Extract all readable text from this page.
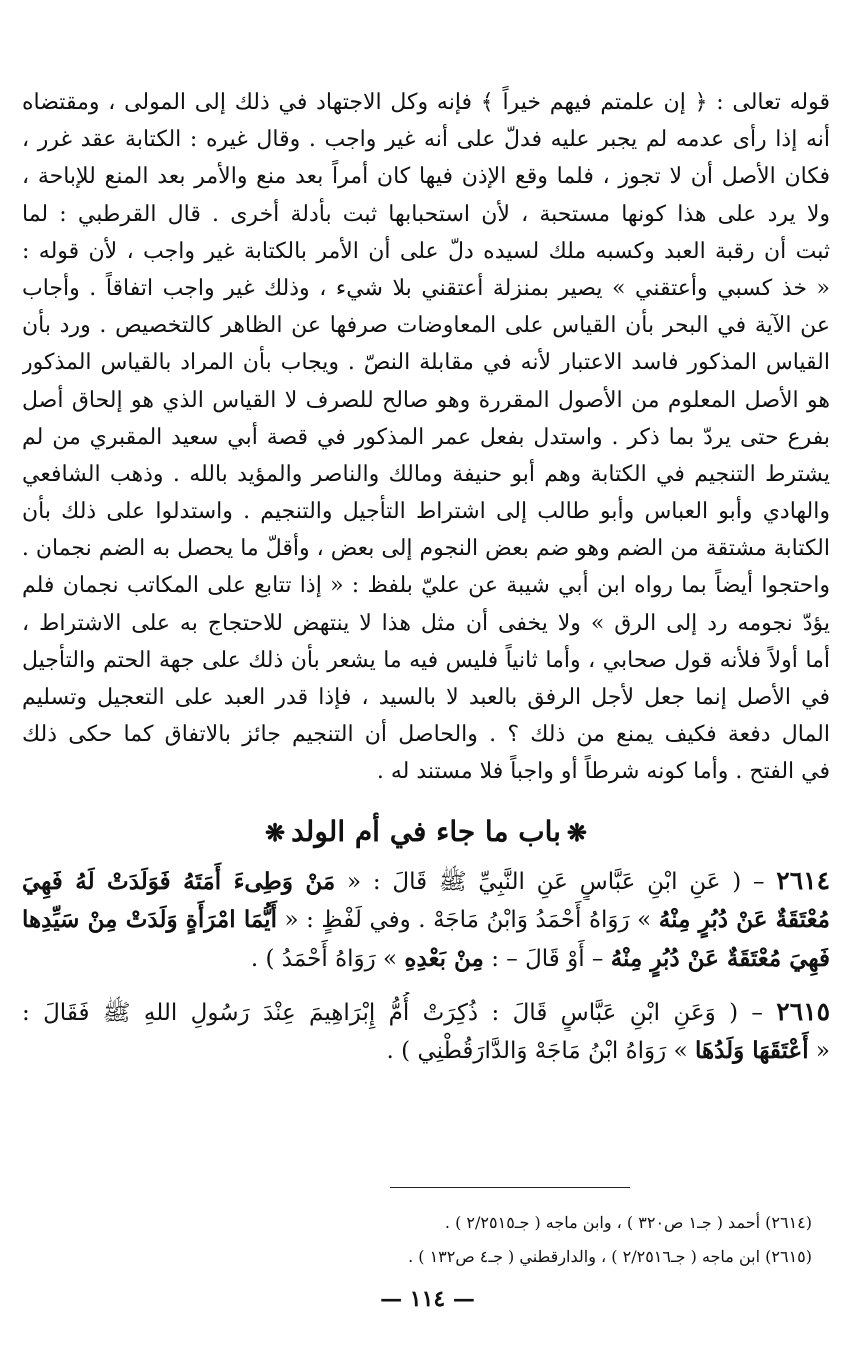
قوله تعالى : ﴿ إن علمتم فيهم خيراً ﴾ فإنه وكل الاجتهاد في ذلك إلى المولى ، ومقتضاه
أنه إذا رأى عدمه لم يجبر عليه فدلّ على أنه غير واجب . وقال غيره : الكتابة عقد غرر ،
فكان الأصل أن لا تجوز ، فلما وقع الإذن فيها كان أمراً بعد منع والأمر بعد المنع للإباحة ،
ولا يرد على هذا كونها مستحبة ، لأن استحبابها ثبت بأدلة أخرى . قال القرطبي : لما
ثبت أن رقبة العبد وكسبه ملك لسيده دلّ على أن الأمر بالكتابة غير واجب ، لأن قوله :
« خذ كسبي وأعتقني » يصير بمنزلة أعتقني بلا شيء ، وذلك غير واجب اتفاقاً . وأجاب
عن الآية في البحر بأن القياس على المعاوضات صرفها عن الظاهر كالتخصيص . ورد بأن
القياس المذكور فاسد الاعتبار لأنه في مقابلة النصّ . ويجاب بأن المراد بالقياس المذكور
هو الأصل المعلوم من الأصول المقررة وهو صالح للصرف لا القياس الذي هو إلحاق أصل
بفرع حتى يردّ بما ذكر . واستدل بفعل عمر المذكور في قصة أبي سعيد المقبري من لم
يشترط التنجيم في الكتابة وهم أبو حنيفة ومالك والناصر والمؤيد بالله . وذهب الشافعي
والهادي وأبو العباس وأبو طالب إلى اشتراط التأجيل والتنجيم . واستدلوا على ذلك بأن
الكتابة مشتقة من الضم وهو ضم بعض النجوم إلى بعض ، وأقلّ ما يحصل به الضم نجمان .
واحتجوا أيضاً بما رواه ابن أبي شيبة عن عليّ بلفظ : « إذا تتابع على المكاتب نجمان فلم
يؤدّ نجومه رد إلى الرق » ولا يخفى أن مثل هذا لا ينتهض للاحتجاج به على الاشتراط ،
أما أولاً فلأنه قول صحابي ، وأما ثانياً فليس فيه ما يشعر بأن ذلك على جهة الحتم والتأجيل
في الأصل إنما جعل لأجل الرفق بالعبد لا بالسيد ، فإذا قدر العبد على التعجيل وتسليم
المال دفعة فكيف يمنع من ذلك ؟ . والحاصل أن التنجيم جائز بالاتفاق كما حكى ذلك
في الفتح . وأما كونه شرطاً أو واجباً فلا مستند له .
❋باب ما جاء في أم الولد❋
٢٦١٤ – ( عَنِ ابْنِ عَبَّاسٍ عَنِ النَّبِيِّ ﷺ قَالَ : « مَنْ وَطِىءَ أَمَتَهُ فَوَلَدَتْ لَهُ فَهِيَ
مُعْتَقَةٌ عَنْ دُبُرٍ مِنْهُ » رَوَاهُ أَحْمَدُ وَابْنُ مَاجَهْ . وفي لَفْظٍ : « أَيُّمَا امْرَأَةٍ وَلَدَتْ مِنْ سَيِّدِها
فَهِيَ مُعْتَقَةٌ عَنْ دُبُرٍ مِنْهُ – أَوْ قَالَ – : مِنْ بَعْدِهِ » رَوَاهُ أَحْمَدُ ) .
٢٦١٥ – ( وَعَنِ ابْنِ عَبَّاسٍ قَالَ : ذُكِرَتْ أُمُّ إِبْرَاهِيمَ عِنْدَ رَسُولِ اللهِ ﷺ فَقَالَ :
« أَعْتَقَهَا وَلَدُهَا » رَوَاهُ ابْنُ مَاجَهْ وَالدَّارَقُطْنِي ) .
(٢٦١٤) أحمد ( جـ١ ص٣٢٠ ) ، وابن ماجه ( جـ٢/٢٥١٥ ) .
(٢٦١٥) ابن ماجه ( جـ٢/٢٥١٦ ) ، والدارقطني ( جـ٤ ص١٣٢ ) .
— ١١٤ —
